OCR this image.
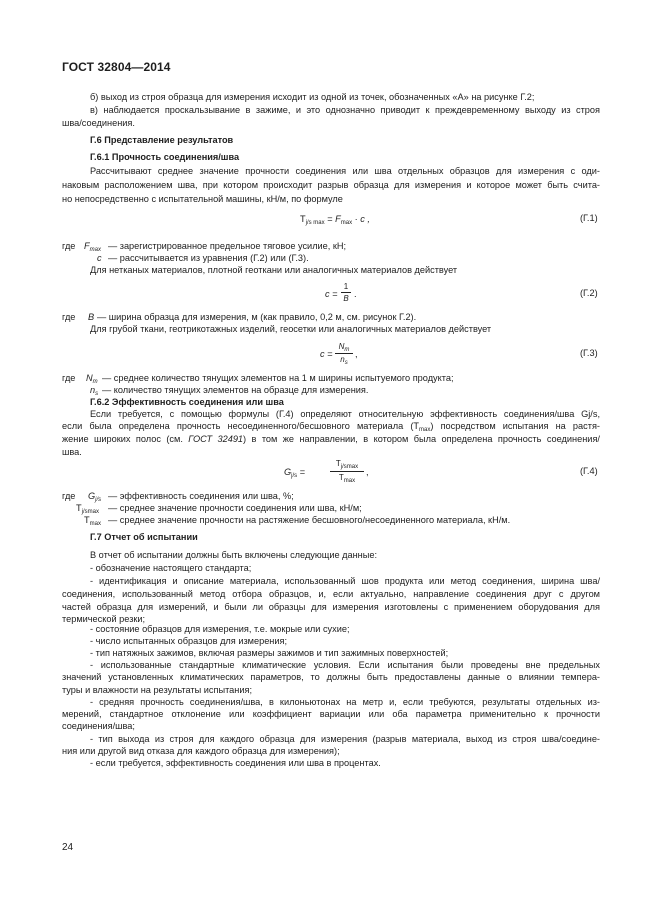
ГОСТ 32804—2014
б) выход из строя образца для измерения исходит из одной из точек, обозначенных «А» на рисунке Г.2;
в) наблюдается проскальзывание в зажиме, и это однозначно приводит к преждевременному выходу из строя
шва/соединения.
Г.6 Представление результатов
Г.6.1 Прочность соединения/шва
Рассчитывают среднее значение прочности соединения или шва отдельных образцов для измерения с оди-
наковым расположением шва, при котором происходит разрыв образца для измерения и которое может быть счита-
но непосредственно с испытательной машины, кН/м, по формуле
$T_{j/s max} = F_{max} \cdot c$ ,	(Г.1)
где $F_{max}$ — зарегистрированное предельное тяговое усилие, кН;
c — рассчитывается из уравнения (Г.2) или (Г.3).
Для нетканых материалов, плотной геоткани или аналогичных материалов действует
c =
1
B .	(Г.2)
где B — ширина образца для измерения, м (как правило, 0,2 м, см. рисунок Г.2).
Для грубой ткани, геотрикотажных изделий, геосетки или аналогичных материалов действует
c =
$N_m$
$n_s$
,	(Г.3)
где $N_m$ — среднее количество тянущих элементов на 1 м ширины испытуемого продукта;
$n_s$ — количество тянущих элементов на образце для измерения.
Г.6.2 Эффективность соединения или шва
Если требуется, с помощью формулы (Г.4) определяют относительную эффективность соединения/шва Gj/s,
если была определена прочность несоединенного/бесшовного материала $(T_{max})$ посредством испытания на растя-
жение широких полос (см. ГОСТ 32491) в том же направлении, в котором была определена прочность соединения/
шва.
$G_{j/s}$ =
$T_{j/smax}$
$T_{max}$
,	(Г.4)
где $G_{j/s}$ — эффективность соединения или шва, %;
$T_{j/smax}$ — среднее значение прочности соединения или шва, кН/м;
$T_{max}$ — среднее значение прочности на растяжение бесшовного/несоединенного материала, кН/м.
Г.7 Отчет об испытании
В отчет об испытании должны быть включены следующие данные:
- обозначение настоящего стандарта;
- идентификация и описание материала, использованный шов продукта или метод соединения, ширина шва/
соединения, использованный метод отбора образцов, и, если актуально, направление соединения друг с другом
частей образца для измерений, и были ли образцы для измерения изготовлены с применением оборудования для
термической резки;
- состояние образцов для измерения, т.е. мокрые или сухие;
- число испытанных образцов для измерения;
- тип натяжных зажимов, включая размеры зажимов и тип зажимных поверхностей;
- использованные стандартные климатические условия. Если испытания были проведены вне предельных
значений установленных климатических параметров, то должны быть предоставлены данные о влиянии темпера-
туры и влажности на результаты испытания;
- средняя прочность соединения/шва, в килоньютонах на метр и, если требуются, результаты отдельных из-
мерений, стандартное отклонение или коэффициент вариации или оба параметра применительно к прочности
соединения/шва;
- тип выхода из строя для каждого образца для измерения (разрыв материала, выход из строя шва/соедине-
ния или другой вид отказа для каждого образца для измерения);
- если требуется, эффективность соединения или шва в процентах.
24
